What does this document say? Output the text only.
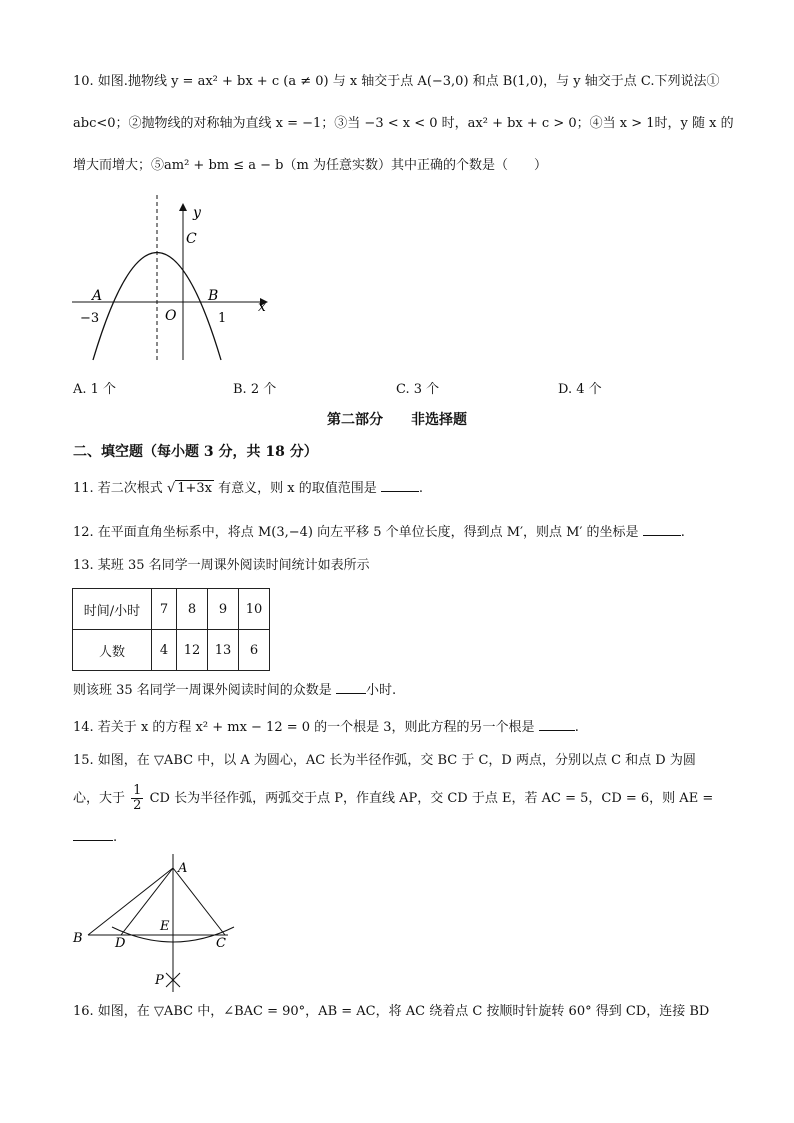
10. 如图.抛物线 y = ax² + bx + c (a ≠ 0) 与 x 轴交于点 A(−3,0) 和点 B(1,0)，与 y 轴交于点 C.下列说法①
abc<0；②抛物线的对称轴为直线 x = −1；③当 −3 < x < 0 时，ax² + bx + c > 0；④当 x > 1时，y 随 x 的
增大而增大；⑤am² + bm ≤ a − b（m 为任意实数）其中正确的个数是（　　）
y
C
A	B
x
O
−3	1
A. 1 个	B. 2 个	C. 3 个	D. 4 个
第二部分　　非选择题
二、填空题（每小题 3 分，共 18 分）
11. 若二次根式 √ 1+3x 有意义，则 x 的取值范围是	.
12. 在平面直角坐标系中，将点 M(3,−4) 向左平移 5 个单位长度，得到点 M′，则点 M′ 的坐标是	.
13. 某班 35 名同学一周课外阅读时间统计如表所示
时间/小时	7	8	9	10
人数	4	12	13	6
则该班 35 名同学一周课外阅读时间的众数是	小时.
14. 若关于 x 的方程 x² + mx − 12 = 0 的一个根是 3，则此方程的另一个根是	.
15. 如图，在 ▽ABC 中，以 A 为圆心，AC 长为半径作弧，交 BC 于 C，D 两点，分别以点 C 和点 D 为圆
心，大于 $\frac{1}{2}$ CD 长为半径作弧，两弧交于点 P，作直线 AP，交 CD 于点 E，若 AC = 5，CD = 6，则 AE =
.
A
B D
E
C
P
16. 如图，在 ▽ABC 中，∠BAC = 90°，AB = AC，将 AC 绕着点 C 按顺时针旋转 60° 得到 CD，连接 BD
